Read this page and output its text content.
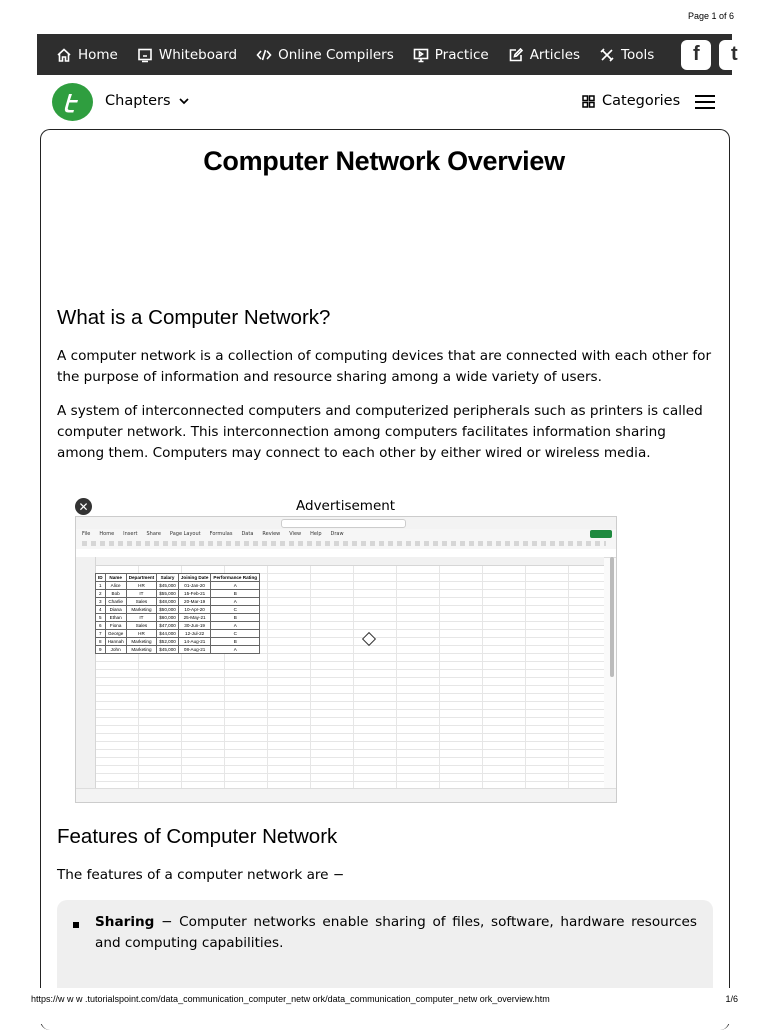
Page 1 of 6
Home	Whiteboard	Online Compilers	Practice	Articles	Tools	f	t
Chapters	Categories
Computer Network Overview
What is a Computer Network?

A computer network is a collection of computing devices that are connected with each other for the purpose of information and resource sharing among a wide variety of users.

A system of interconnected computers and computerized peripherals such as printers is called computer network. This interconnection among computers facilitates information sharing among them. Computers may connect to each other by either wired or wireless media.

✕	Advertisement
File Home Insert Share Page Layout Formulas Data Review View Help Draw
ID	Name	Department	Salary	Joining Date	Performance Rating
1	Alice	HR	$45,000	01-Jan-20	A
2	Bob	IT	$55,000	15-Feb-21	B
3	Charlie	Sales	$48,000	20-Mar-19	A
4	Diana	Marketing	$50,000	10-Apr-20	C
5	Ethan	IT	$60,000	25-May-21	B
6	Fiona	Sales	$47,000	30-Jun-19	A
7	George	HR	$44,000	12-Jul-22	C
8	Hannah	Marketing	$52,000	14-Aug-21	B
9	John	Marketing	$45,000	08-Aug-21	A
Features of Computer Network

The features of a computer network are −

Sharing − Computer networks enable sharing of files, software, hardware resources and computing capabilities.

https://w w w .tutorialspoint.com/data_communication_computer_netw ork/data_communication_computer_netw ork_overview.htm	1/6
